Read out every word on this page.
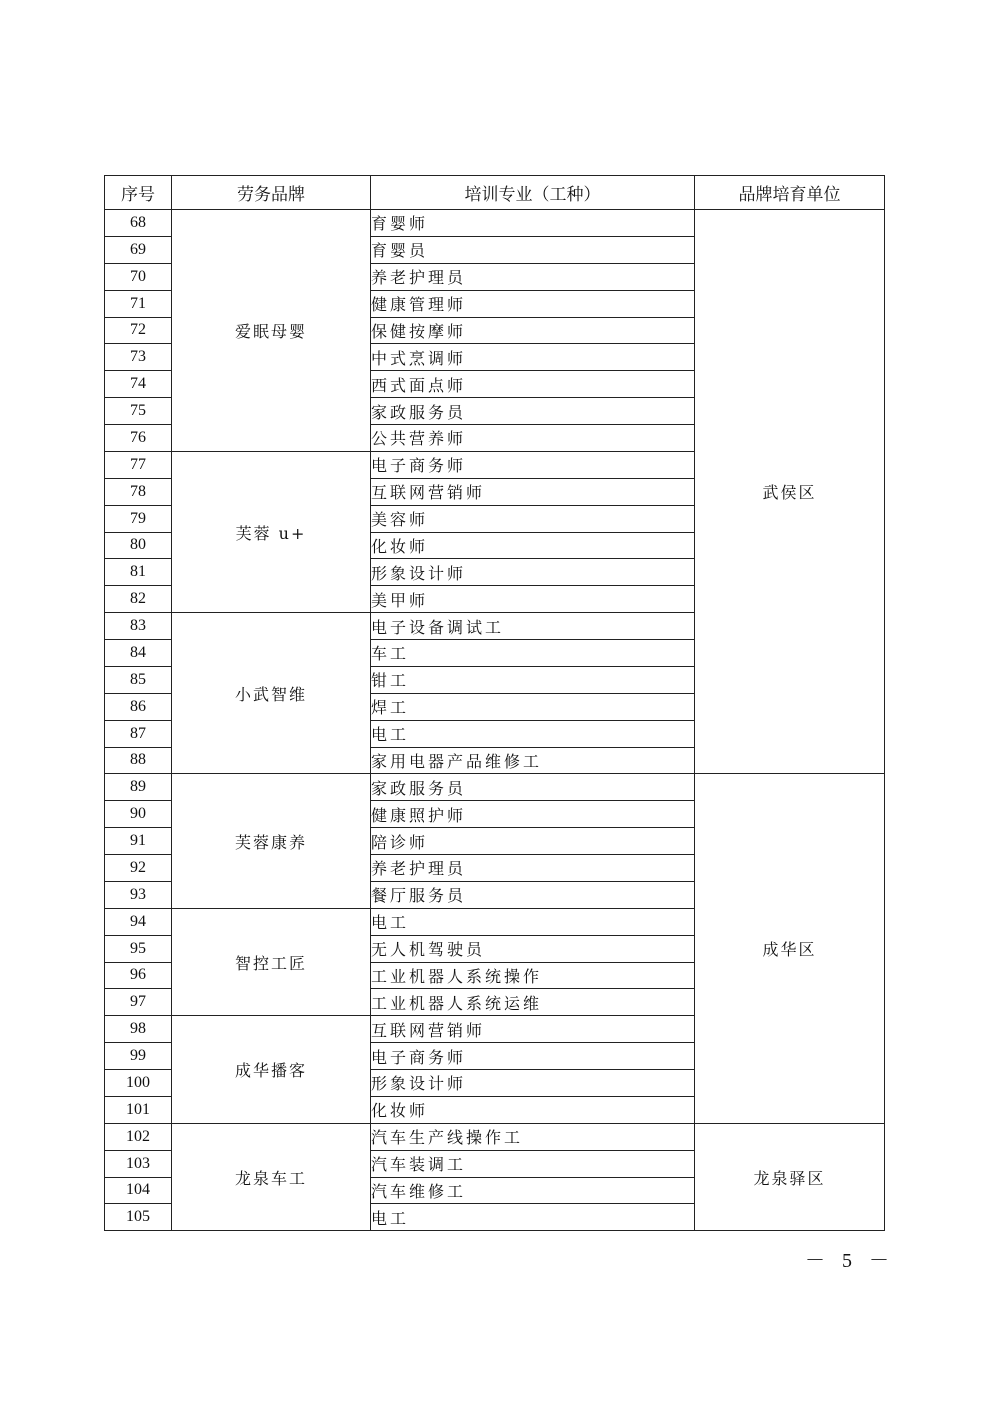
序号	劳务品牌	培训专业（工种）	品牌培育单位
68	爱眠母婴	育婴师	武侯区
69		育婴员	
70		养老护理员	
71		健康管理师	
72		保健按摩师	
73		中式烹调师	
74		西式面点师	
75		家政服务员	
76		公共营养师	
77	芙蓉 u+	电子商务师	
78		互联网营销师	
79		美容师	
80		化妆师	
81		形象设计师	
82		美甲师	
83	小武智维	电子设备调试工	
84		车工	
85		钳工	
86		焊工	
87		电工	
88		家用电器产品维修工	
89	芙蓉康养	家政服务员	成华区
90		健康照护师	
91		陪诊师	
92		养老护理员	
93		餐厅服务员	
94	智控工匠	电工	
95		无人机驾驶员	
96		工业机器人系统操作	
97		工业机器人系统运维	
98	成华播客	互联网营销师	
99		电子商务师	
100		形象设计师	
101		化妆师	
102	龙泉车工	汽车生产线操作工	龙泉驿区
103		汽车装调工	
104		汽车维修工	
105		电工	
－ 5 －
